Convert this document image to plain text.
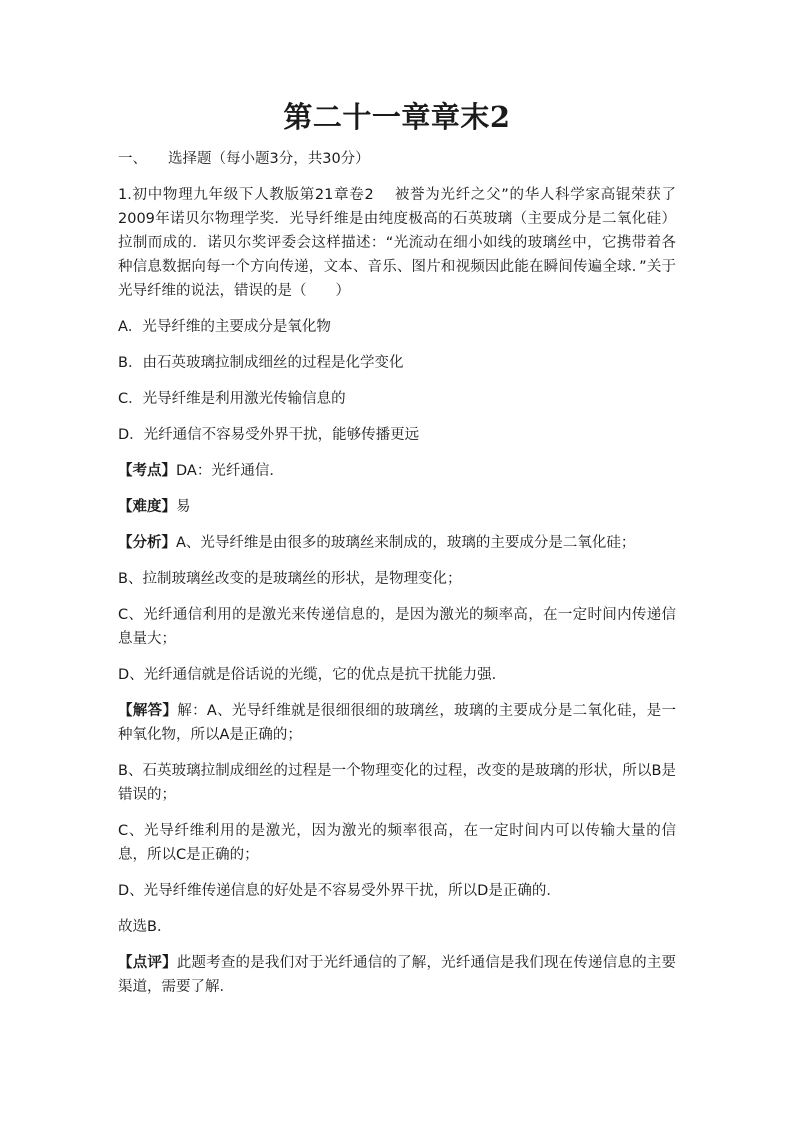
第二十一章章末2
一、 选择题（每小题3分，共30分）

1.初中物理九年级下人教版第21章卷2　 被誉为光纤之父”的华人科学家高锟荣获了2009年诺贝尔物理学奖．光导纤维是由纯度极高的石英玻璃（主要成分是二氧化硅）拉制而成的．诺贝尔奖评委会这样描述：“光流动在细小如线的玻璃丝中，它携带着各种信息数据向每一个方向传递，文本、音乐、图片和视频因此能在瞬间传遍全球．”关于光导纤维的说法，错误的是（　　）

A．光导纤维的主要成分是氧化物

B．由石英玻璃拉制成细丝的过程是化学变化

C．光导纤维是利用激光传输信息的

D．光纤通信不容易受外界干扰，能够传播更远

【考点】DA：光纤通信．

【难度】易

【分析】A、光导纤维是由很多的玻璃丝来制成的，玻璃的主要成分是二氧化硅；

B、拉制玻璃丝改变的是玻璃丝的形状，是物理变化；

C、光纤通信利用的是激光来传递信息的，是因为激光的频率高，在一定时间内传递信息量大；

D、光纤通信就是俗话说的光缆，它的优点是抗干扰能力强．

【解答】解：A、光导纤维就是很细很细的玻璃丝，玻璃的主要成分是二氧化硅，是一种氧化物，所以A是正确的；

B、石英玻璃拉制成细丝的过程是一个物理变化的过程，改变的是玻璃的形状，所以B是错误的；

C、光导纤维利用的是激光，因为激光的频率很高，在一定时间内可以传输大量的信息，所以C是正确的；

D、光导纤维传递信息的好处是不容易受外界干扰，所以D是正确的．

故选B．

【点评】此题考查的是我们对于光纤通信的了解，光纤通信是我们现在传递信息的主要渠道，需要了解．
